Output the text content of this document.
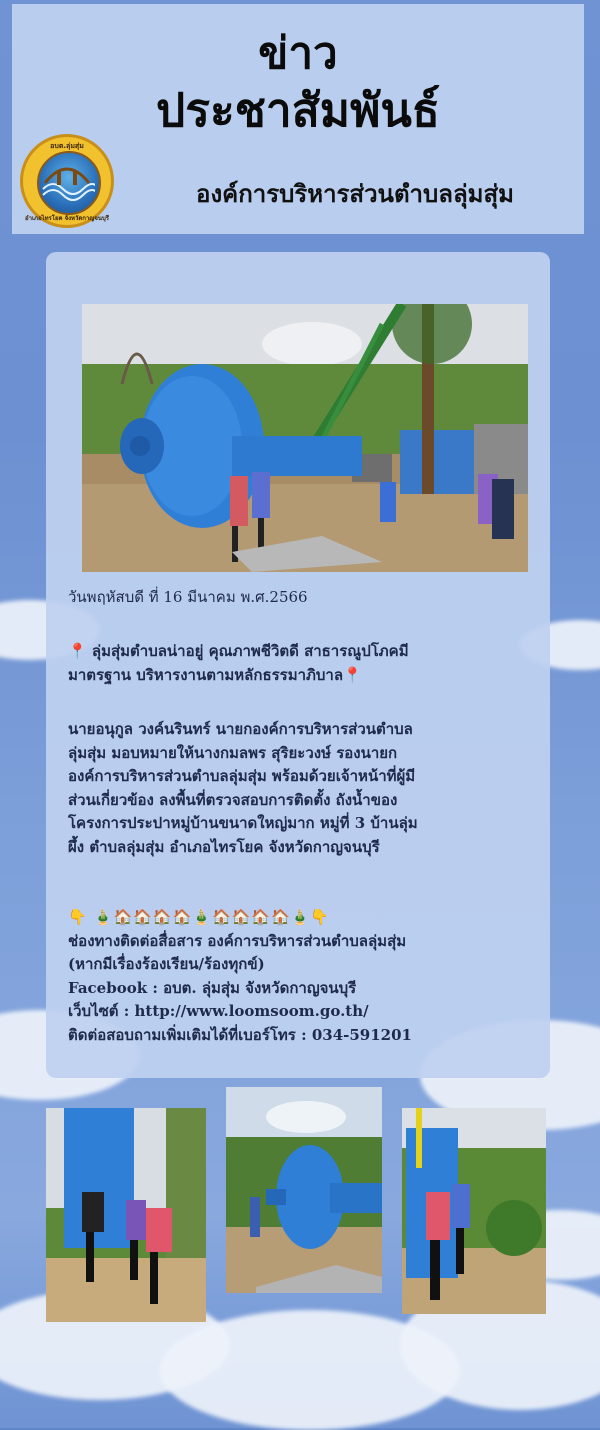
ข่าว
ประชาสัมพันธ์
อบต.ลุ่มสุ่ม
อำเภอไทรโยค จังหวัดกาญจนบุรี
องค์การบริหารส่วนตำบลลุ่มสุ่ม
วันพฤหัสบดี ที่ 16 มีนาคม พ.ศ.2566
📍 ลุ่มสุ่มตำบลน่าอยู่ คุณภาพชีวิตดี สาธารณูปโภคมี
มาตรฐาน บริหารงานตามหลักธรรมาภิบาล📍
นายอนุกูล วงค์นรินทร์ นายกองค์การบริหารส่วนตำบล
ลุ่มสุ่ม มอบหมายให้นางกมลพร สุริยะวงษ์ รองนายก
องค์การบริหารส่วนตำบลลุ่มสุ่ม พร้อมด้วยเจ้าหน้าที่ผู้มี
ส่วนเกี่ยวข้อง ลงพื้นที่ตรวจสอบการติดตั้ง ถังน้ำของ
โครงการประปาหมู่บ้านขนาดใหญ่มาก หมู่ที่ 3 บ้านลุ่ม
ผึ้ง ตำบลลุ่มสุ่ม อำเภอไทรโยค จังหวัดกาญจนบุรี
👇 🎍🏠🏠🏠🏠🎍🏠🏠🏠🏠🎍👇
ช่องทางติดต่อสื่อสาร องค์การบริหารส่วนตำบลลุ่มสุ่ม
(หากมีเรื่องร้องเรียน/ร้องทุกข์)
Facebook : อบต. ลุ่มสุ่ม จังหวัดกาญจนบุรี
เว็บไซต์ : http://www.loomsoom.go.th/
ติดต่อสอบถามเพิ่มเติมได้ที่เบอร์โทร : 034-591201
